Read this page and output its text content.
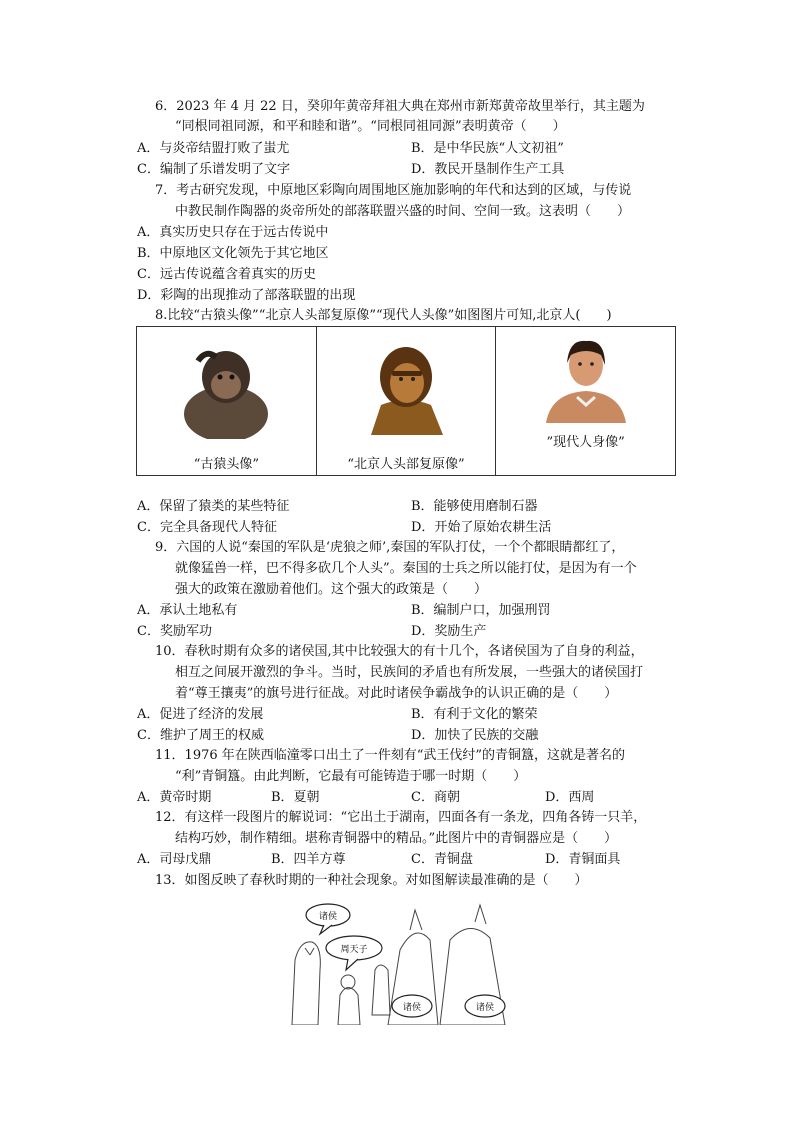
6．2023 年 4 月 22 日，癸卯年黄帝拜祖大典在郑州市新郑黄帝故里举行，其主题为
“同根同祖同源，和平和睦和谐”。“同根同祖同源”表明黄帝（　　）
A．与炎帝结盟打败了蚩尤	B．是中华民族“人文初祖”
C．编制了乐谱发明了文字	D．教民开垦制作生产工具
7．考古研究发现，中原地区彩陶向周围地区施加影响的年代和达到的区域，与传说
中教民制作陶器的炎帝所处的部落联盟兴盛的时间、空间一致。这表明（　　）
A．真实历史只存在于远古传说中
B．中原地区文化领先于其它地区
C．远古传说蕴含着真实的历史
D．彩陶的出现推动了部落联盟的出现
8.比较“古猿头像”“北京人头部复原像”“现代人头像”如图图片可知,北京人(　　)
“古猿头像”	“北京人头部复原像”
”现代人身像”
A．保留了猿类的某些特征	B．能够使用磨制石器
C．完全具备现代人特征	D．开始了原始农耕生活
9．六国的人说“秦国的军队是‘虎狼之师’,秦国的军队打仗，一个个都眼睛都红了，
就像猛兽一样，巴不得多砍几个人头”。秦国的士兵之所以能打仗，是因为有一个
强大的政策在激励着他们。这个强大的政策是（　　）
A．承认土地私有	B．编制户口，加强刑罚
C．奖励军功	D．奖励生产
10．春秋时期有众多的诸侯国,其中比较强大的有十几个，各诸侯国为了自身的利益，
相互之间展开激烈的争斗。当时，民族间的矛盾也有所发展，一些强大的诸侯国打
着“尊王攘夷”的旗号进行征战。对此时诸侯争霸战争的认识正确的是（　　）
A．促进了经济的发展	B．有利于文化的繁荣
C．维护了周王的权威	D．加快了民族的交融
11．1976 年在陕西临潼零口出土了一件刻有“武王伐纣”的青铜簋，这就是著名的
“利”青铜簋。由此判断，它最有可能铸造于哪一时期（　　）
A．黄帝时期	B．夏朝	C．商朝	D．西周
12．有这样一段图片的解说词：“它出土于湖南，四面各有一条龙，四角各铸一只羊，
结构巧妙，制作精细。堪称青铜器中的精品。”此图片中的青铜器应是（　　）
A．司母戊鼎	B．四羊方尊	C．青铜盘	D．青铜面具
13．如图反映了春秋时期的一种社会现象。对如图解读最准确的是（　　）
诸侯
周天子
诸侯	诸侯
